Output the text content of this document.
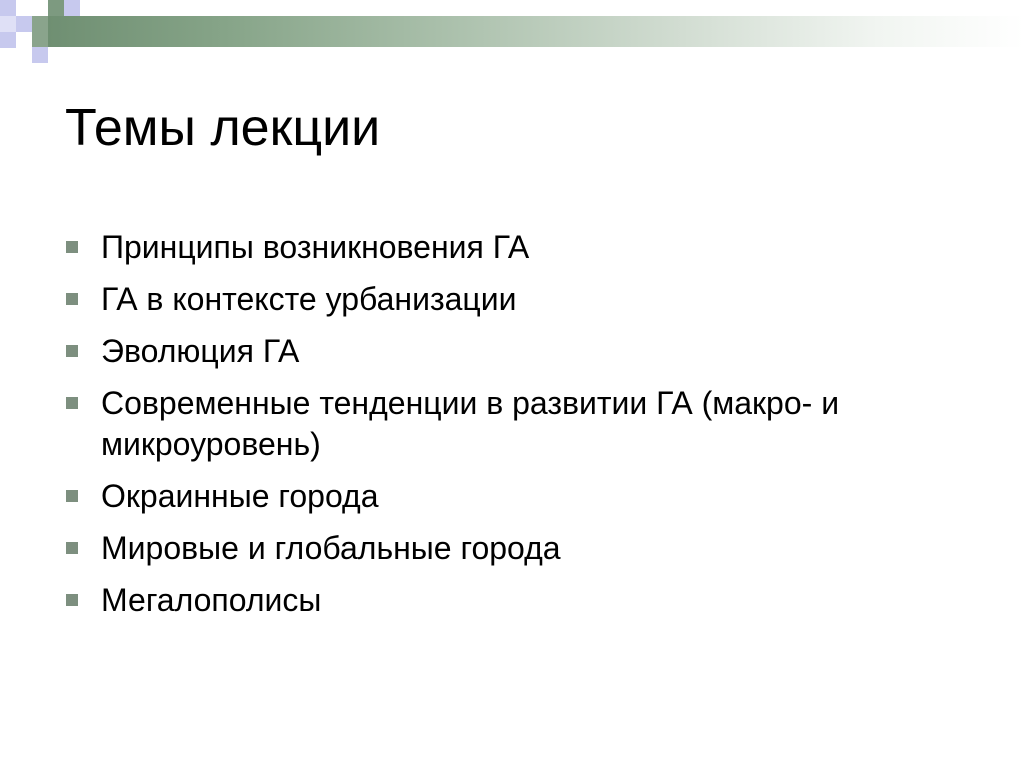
Темы лекции
Принципы возникновения ГА
ГА в контексте урбанизации
Эволюция ГА
Современные тенденции в развитии ГА (макро- и микроуровень)
Окраинные города
Мировые и глобальные города
Мегалополисы
